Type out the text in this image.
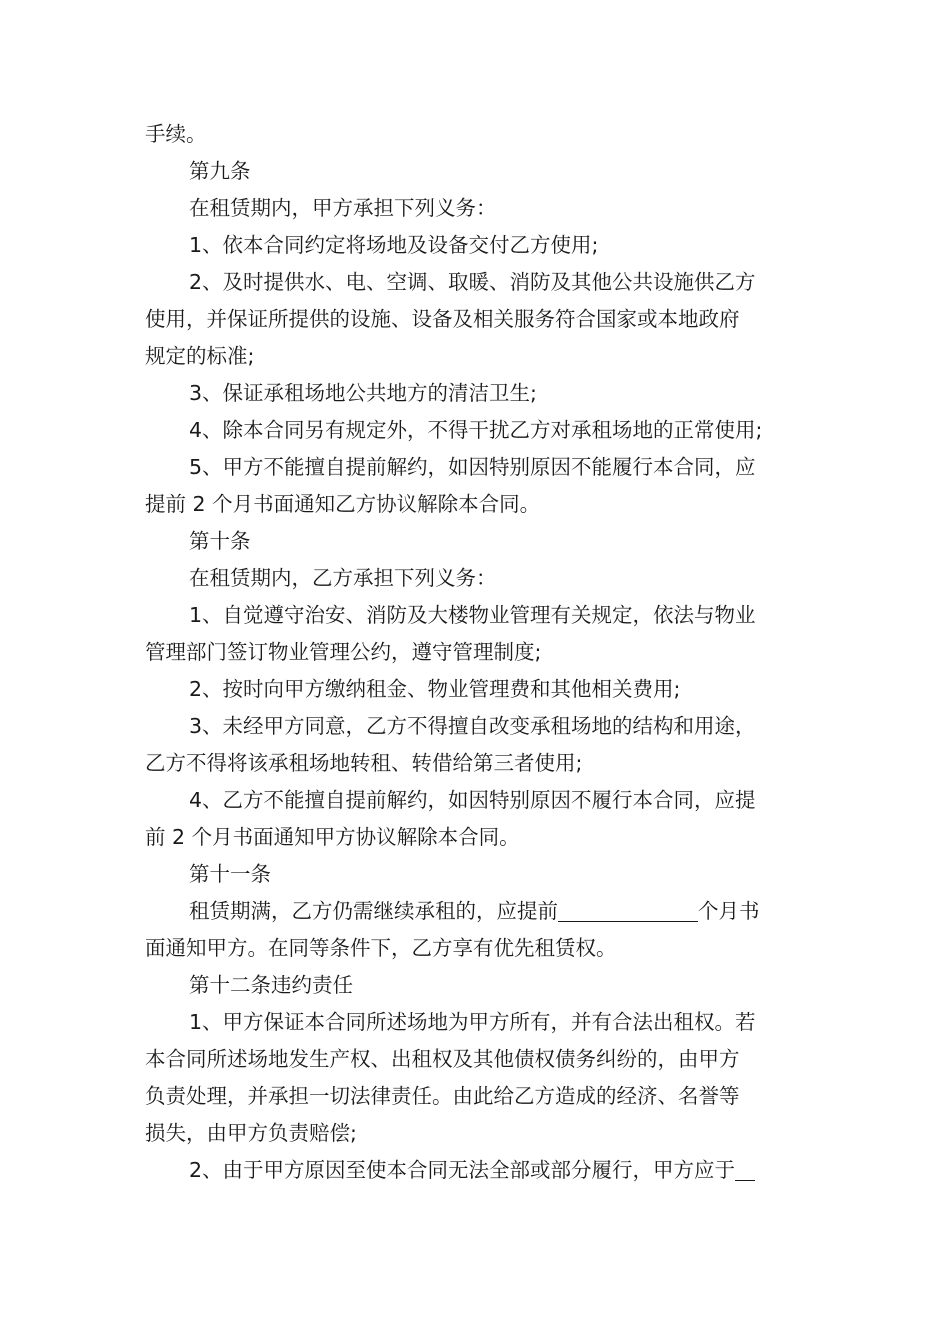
手续。
第九条
在租赁期内，甲方承担下列义务：
1、依本合同约定将场地及设备交付乙方使用;
2、及时提供水、电、空调、取暖、消防及其他公共设施供乙方
使用，并保证所提供的设施、设备及相关服务符合国家或本地政府
规定的标准;
3、保证承租场地公共地方的清洁卫生;
4、除本合同另有规定外，不得干扰乙方对承租场地的正常使用;
5、甲方不能擅自提前解约，如因特别原因不能履行本合同，应
提前 2 个月书面通知乙方协议解除本合同。
第十条
在租赁期内，乙方承担下列义务：
1、自觉遵守治安、消防及大楼物业管理有关规定，依法与物业
管理部门签订物业管理公约，遵守管理制度;
2、按时向甲方缴纳租金、物业管理费和其他相关费用;
3、未经甲方同意，乙方不得擅自改变承租场地的结构和用途，
乙方不得将该承租场地转租、转借给第三者使用;
4、乙方不能擅自提前解约，如因特别原因不履行本合同，应提
前 2 个月书面通知甲方协议解除本合同。
第十一条
租赁期满，乙方仍需继续承租的，应提前	个月书
面通知甲方。在同等条件下，乙方享有优先租赁权。
第十二条违约责任
1、甲方保证本合同所述场地为甲方所有，并有合法出租权。若
本合同所述场地发生产权、出租权及其他债权债务纠纷的，由甲方
负责处理，并承担一切法律责任。由此给乙方造成的经济、名誉等
损失，由甲方负责赔偿;
2、由于甲方原因至使本合同无法全部或部分履行，甲方应于
